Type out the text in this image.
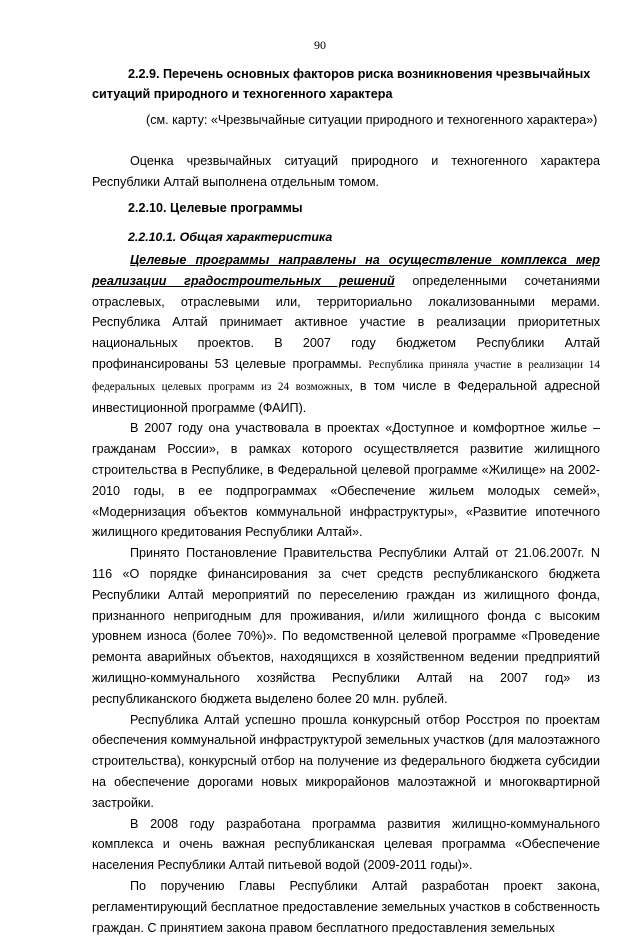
90
2.2.9. Перечень основных факторов риска возникновения чрезвычайных ситуаций природного и техногенного характера
(см. карту: «Чрезвычайные ситуации природного и техногенного характера»)
Оценка чрезвычайных ситуаций природного и техногенного характера Республики Алтай выполнена отдельным томом.
2.2.10. Целевые программы
2.2.10.1. Общая характеристика

Целевые программы направлены на осуществление комплекса мер реализации градостроительных решений определенными сочетаниями отраслевых, отраслевыми или, территориально локализованными мерами. Республика Алтай принимает активное участие в реализации приоритетных национальных проектов. В 2007 году бюджетом Республики Алтай профинансированы 53 целевые программы. Республика приняла участие в реализации 14 федеральных целевых программ из 24 возможных, в том числе в Федеральной адресной инвестиционной программе (ФАИП).

В 2007 году она участвовала в проектах «Доступное и комфортное жилье – гражданам России», в рамках которого осуществляется развитие жилищного строительства в Республике, в Федеральной целевой программе «Жилище» на 2002-2010 годы, в ее подпрограммах «Обеспечение жильем молодых семей», «Модернизация объектов коммунальной инфраструктуры», «Развитие ипотечного жилищного кредитования Республики Алтай».

Принято Постановление Правительства Республики Алтай от 21.06.2007г. N 116 «О порядке финансирования за счет средств республиканского бюджета Республики Алтай мероприятий по переселению граждан из жилищного фонда, признанного непригодным для проживания, и/или жилищного фонда с высоким уровнем износа (более 70%)». По ведомственной целевой программе «Проведение ремонта аварийных объектов, находящихся в хозяйственном ведении предприятий жилищно-коммунального хозяйства Республики Алтай на 2007 год» из республиканского бюджета выделено более 20 млн. рублей.

Республика Алтай успешно прошла конкурсный отбор Росстроя по проектам обеспечения коммунальной инфраструктурой земельных участков (для малоэтажного строительства), конкурсный отбор на получение из федерального бюджета субсидии на обеспечение дорогами новых микрорайонов малоэтажной и многоквартирной застройки.

В 2008 году разработана программа развития жилищно-коммунального комплекса и очень важная республиканская целевая программа «Обеспечение населения Республики Алтай питьевой водой (2009-2011 годы)».

По поручению Главы Республики Алтай разработан проект закона, регламентирующий бесплатное предоставление земельных участков в собственность граждан. С принятием закона правом бесплатного предоставления земельных
